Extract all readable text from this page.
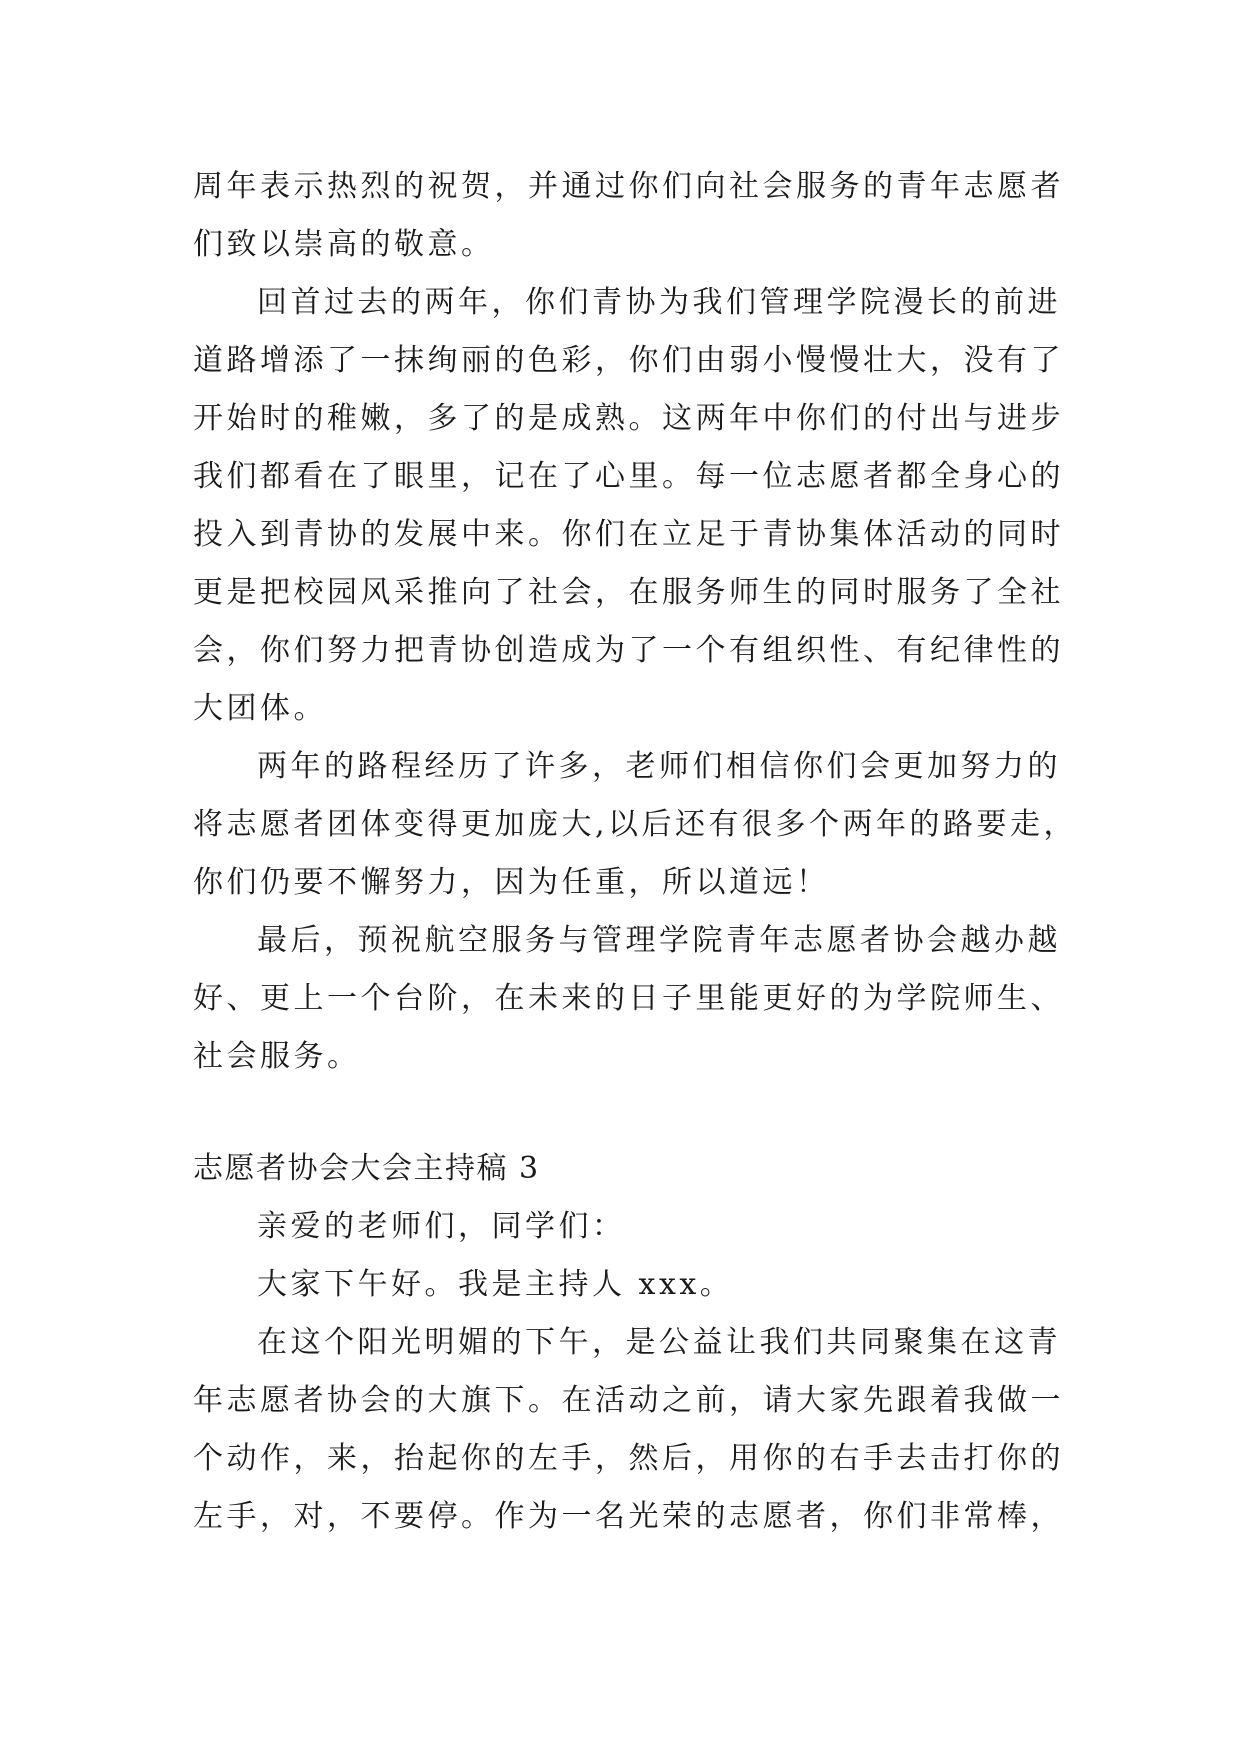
周年表示热烈的祝贺，并通过你们向社会服务的青年志愿者
们致以崇高的敬意。
回首过去的两年，你们青协为我们管理学院漫长的前进
道路增添了一抹绚丽的色彩，你们由弱小慢慢壮大，没有了
开始时的稚嫩，多了的是成熟。这两年中你们的付出与进步
我们都看在了眼里，记在了心里。每一位志愿者都全身心的
投入到青协的发展中来。你们在立足于青协集体活动的同时
更是把校园风采推向了社会，在服务师生的同时服务了全社
会，你们努力把青协创造成为了一个有组织性、有纪律性的
大团体。
两年的路程经历了许多，老师们相信你们会更加努力的
将志愿者团体变得更加庞大,以后还有很多个两年的路要走，
你们仍要不懈努力，因为任重，所以道远！
最后，预祝航空服务与管理学院青年志愿者协会越办越
好、更上一个台阶，在未来的日子里能更好的为学院师生、
社会服务。
志愿者协会大会主持稿 3
亲爱的老师们，同学们：
大家下午好。我是主持人 xxx。
在这个阳光明媚的下午，是公益让我们共同聚集在这青
年志愿者协会的大旗下。在活动之前，请大家先跟着我做一
个动作，来，抬起你的左手，然后，用你的右手去击打你的
左手，对，不要停。作为一名光荣的志愿者，你们非常棒，
